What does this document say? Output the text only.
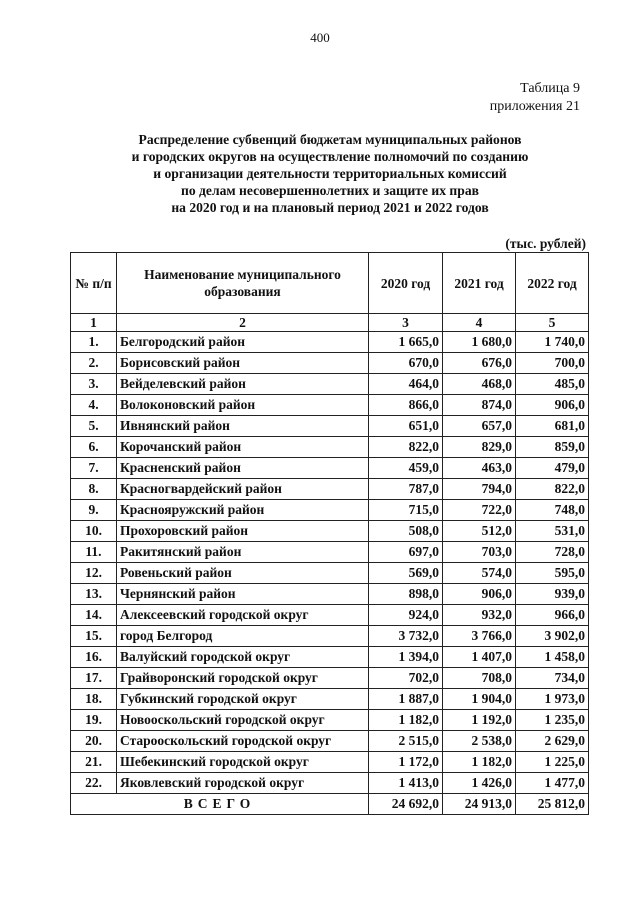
400
Таблица 9
приложения 21
Распределение субвенций бюджетам муниципальных районов
и городских округов на осуществление полномочий по созданию
и организации деятельности территориальных комиссий
по делам несовершеннолетних и защите их прав
на 2020 год и на плановый период 2021 и 2022 годов
(тыс. рублей)
№ п/п	Наименование муниципального образования	2020 год	2021 год	2022 год
1	2	3	4	5
1.	Белгородский район	1 665,0	1 680,0	1 740,0
2.	Борисовский район	670,0	676,0	700,0
3.	Вейделевский район	464,0	468,0	485,0
4.	Волоконовский район	866,0	874,0	906,0
5.	Ивнянский район	651,0	657,0	681,0
6.	Корочанский район	822,0	829,0	859,0
7.	Красненский район	459,0	463,0	479,0
8.	Красногвардейский район	787,0	794,0	822,0
9.	Краснояружский район	715,0	722,0	748,0
10.	Прохоровский район	508,0	512,0	531,0
11.	Ракитянский район	697,0	703,0	728,0
12.	Ровеньский район	569,0	574,0	595,0
13.	Чернянский район	898,0	906,0	939,0
14.	Алексеевский городской округ	924,0	932,0	966,0
15.	город Белгород	3 732,0	3 766,0	3 902,0
16.	Валуйский городской округ	1 394,0	1 407,0	1 458,0
17.	Грайворонский городской округ	702,0	708,0	734,0
18.	Губкинский городской округ	1 887,0	1 904,0	1 973,0
19.	Новооскольский городской округ	1 182,0	1 192,0	1 235,0
20.	Старооскольский городской округ	2 515,0	2 538,0	2 629,0
21.	Шебекинский городской округ	1 172,0	1 182,0	1 225,0
22.	Яковлевский городской округ	1 413,0	1 426,0	1 477,0
ВСЕГО		24 692,0	24 913,0	25 812,0
